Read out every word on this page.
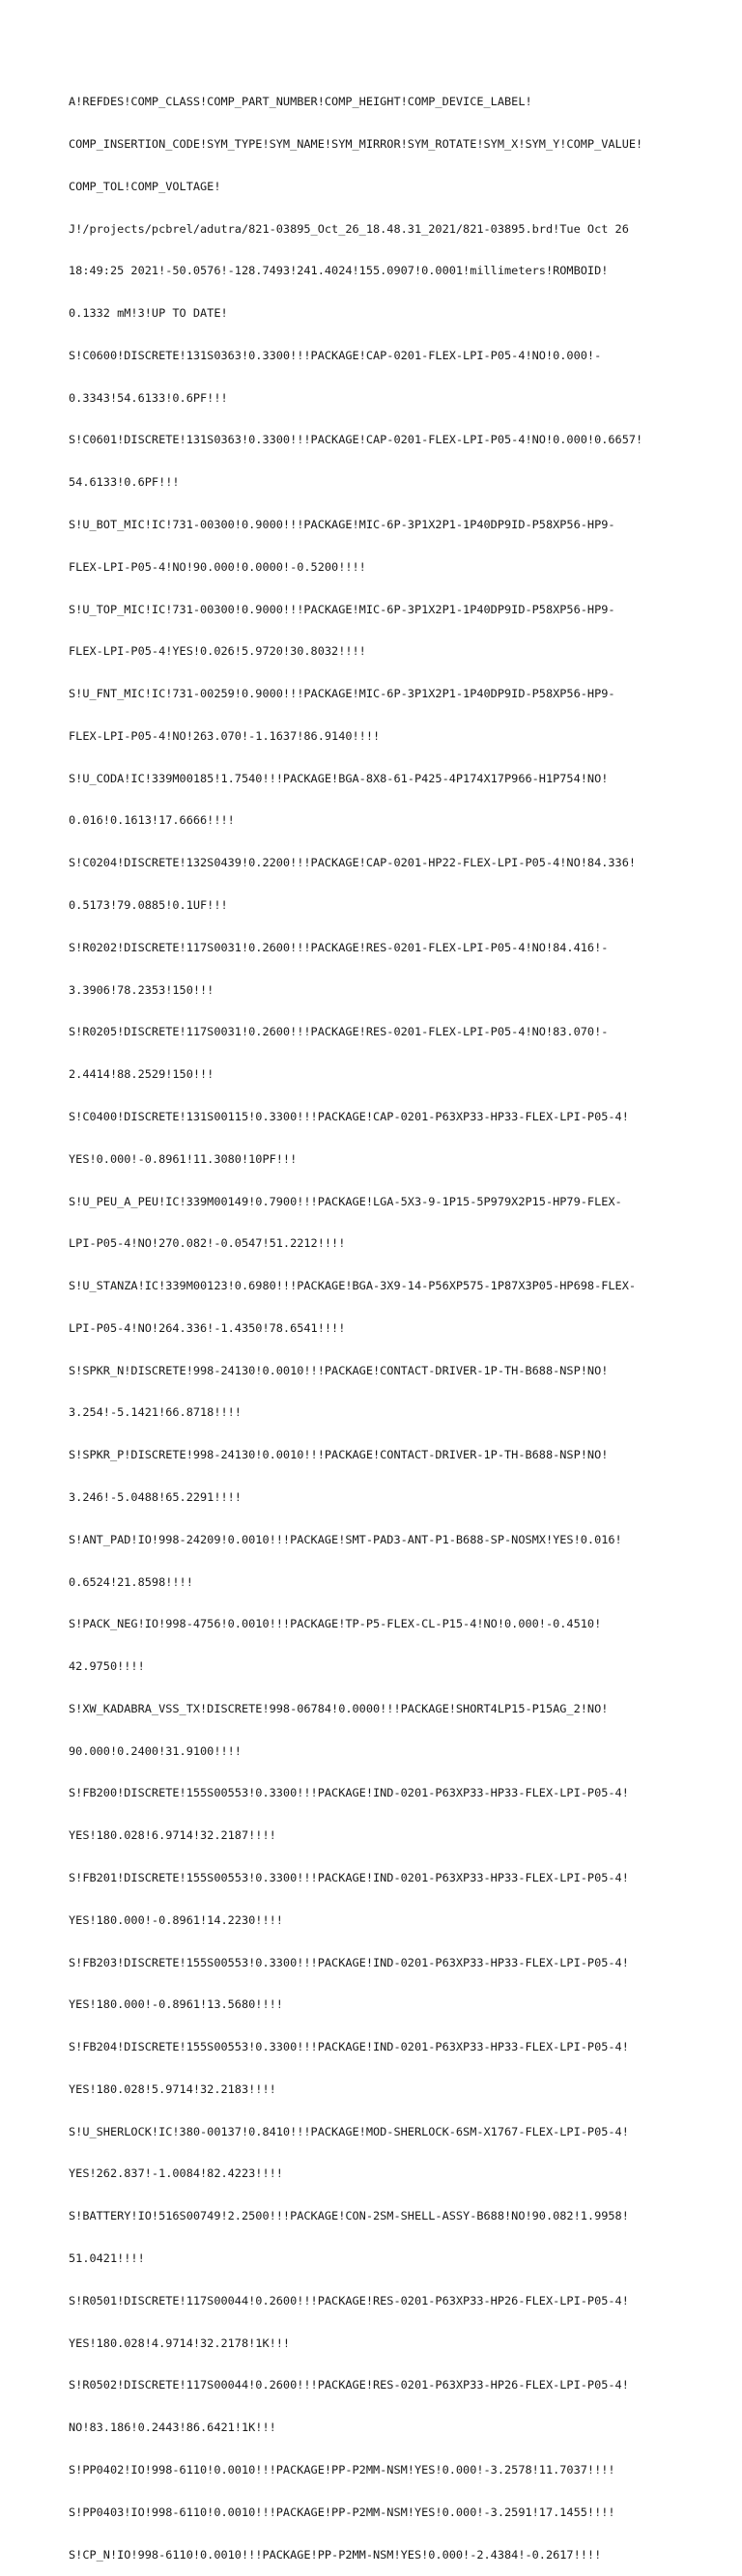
A!REFDES!COMP_CLASS!COMP_PART_NUMBER!COMP_HEIGHT!COMP_DEVICE_LABEL!

COMP_INSERTION_CODE!SYM_TYPE!SYM_NAME!SYM_MIRROR!SYM_ROTATE!SYM_X!SYM_Y!COMP_VALUE!

COMP_TOL!COMP_VOLTAGE!

J!/projects/pcbrel/adutra/821-03895_Oct_26_18.48.31_2021/821-03895.brd!Tue Oct 26

18:49:25 2021!-50.0576!-128.7493!241.4024!155.0907!0.0001!millimeters!ROMBOID!

0.1332 mM!3!UP TO DATE!

S!C0600!DISCRETE!131S0363!0.3300!!!PACKAGE!CAP-0201-FLEX-LPI-P05-4!NO!0.000!-

0.3343!54.6133!0.6PF!!!

S!C0601!DISCRETE!131S0363!0.3300!!!PACKAGE!CAP-0201-FLEX-LPI-P05-4!NO!0.000!0.6657!

54.6133!0.6PF!!!

S!U_BOT_MIC!IC!731-00300!0.9000!!!PACKAGE!MIC-6P-3P1X2P1-1P40DP9ID-P58XP56-HP9-

FLEX-LPI-P05-4!NO!90.000!0.0000!-0.5200!!!!

S!U_TOP_MIC!IC!731-00300!0.9000!!!PACKAGE!MIC-6P-3P1X2P1-1P40DP9ID-P58XP56-HP9-

FLEX-LPI-P05-4!YES!0.026!5.9720!30.8032!!!!

S!U_FNT_MIC!IC!731-00259!0.9000!!!PACKAGE!MIC-6P-3P1X2P1-1P40DP9ID-P58XP56-HP9-

FLEX-LPI-P05-4!NO!263.070!-1.1637!86.9140!!!!

S!U_CODA!IC!339M00185!1.7540!!!PACKAGE!BGA-8X8-61-P425-4P174X17P966-H1P754!NO!

0.016!0.1613!17.6666!!!!

S!C0204!DISCRETE!132S0439!0.2200!!!PACKAGE!CAP-0201-HP22-FLEX-LPI-P05-4!NO!84.336!

0.5173!79.0885!0.1UF!!!

S!R0202!DISCRETE!117S0031!0.2600!!!PACKAGE!RES-0201-FLEX-LPI-P05-4!NO!84.416!-

3.3906!78.2353!150!!!

S!R0205!DISCRETE!117S0031!0.2600!!!PACKAGE!RES-0201-FLEX-LPI-P05-4!NO!83.070!-

2.4414!88.2529!150!!!

S!C0400!DISCRETE!131S00115!0.3300!!!PACKAGE!CAP-0201-P63XP33-HP33-FLEX-LPI-P05-4!

YES!0.000!-0.8961!11.3080!10PF!!!

S!U_PEU_A_PEU!IC!339M00149!0.7900!!!PACKAGE!LGA-5X3-9-1P15-5P979X2P15-HP79-FLEX-

LPI-P05-4!NO!270.082!-0.0547!51.2212!!!!

S!U_STANZA!IC!339M00123!0.6980!!!PACKAGE!BGA-3X9-14-P56XP575-1P87X3P05-HP698-FLEX-

LPI-P05-4!NO!264.336!-1.4350!78.6541!!!!

S!SPKR_N!DISCRETE!998-24130!0.0010!!!PACKAGE!CONTACT-DRIVER-1P-TH-B688-NSP!NO!

3.254!-5.1421!66.8718!!!!

S!SPKR_P!DISCRETE!998-24130!0.0010!!!PACKAGE!CONTACT-DRIVER-1P-TH-B688-NSP!NO!

3.246!-5.0488!65.2291!!!!

S!ANT_PAD!IO!998-24209!0.0010!!!PACKAGE!SMT-PAD3-ANT-P1-B688-SP-NOSMX!YES!0.016!

0.6524!21.8598!!!!

S!PACK_NEG!IO!998-4756!0.0010!!!PACKAGE!TP-P5-FLEX-CL-P15-4!NO!0.000!-0.4510!

42.9750!!!!

S!XW_KADABRA_VSS_TX!DISCRETE!998-06784!0.0000!!!PACKAGE!SHORT4LP15-P15AG_2!NO!

90.000!0.2400!31.9100!!!!

S!FB200!DISCRETE!155S00553!0.3300!!!PACKAGE!IND-0201-P63XP33-HP33-FLEX-LPI-P05-4!

YES!180.028!6.9714!32.2187!!!!

S!FB201!DISCRETE!155S00553!0.3300!!!PACKAGE!IND-0201-P63XP33-HP33-FLEX-LPI-P05-4!

YES!180.000!-0.8961!14.2230!!!!

S!FB203!DISCRETE!155S00553!0.3300!!!PACKAGE!IND-0201-P63XP33-HP33-FLEX-LPI-P05-4!

YES!180.000!-0.8961!13.5680!!!!

S!FB204!DISCRETE!155S00553!0.3300!!!PACKAGE!IND-0201-P63XP33-HP33-FLEX-LPI-P05-4!

YES!180.028!5.9714!32.2183!!!!

S!U_SHERLOCK!IC!380-00137!0.8410!!!PACKAGE!MOD-SHERLOCK-6SM-X1767-FLEX-LPI-P05-4!

YES!262.837!-1.0084!82.4223!!!!

S!BATTERY!IO!516S00749!2.2500!!!PACKAGE!CON-2SM-SHELL-ASSY-B688!NO!90.082!1.9958!

51.0421!!!!

S!R0501!DISCRETE!117S00044!0.2600!!!PACKAGE!RES-0201-P63XP33-HP26-FLEX-LPI-P05-4!

YES!180.028!4.9714!32.2178!1K!!!

S!R0502!DISCRETE!117S00044!0.2600!!!PACKAGE!RES-0201-P63XP33-HP26-FLEX-LPI-P05-4!

NO!83.186!0.2443!86.6421!1K!!!

S!PP0402!IO!998-6110!0.0010!!!PACKAGE!PP-P2MM-NSM!YES!0.000!-3.2578!11.7037!!!!

S!PP0403!IO!998-6110!0.0010!!!PACKAGE!PP-P2MM-NSM!YES!0.000!-3.2591!17.1455!!!!

S!CP_N!IO!998-6110!0.0010!!!PACKAGE!PP-P2MM-NSM!YES!0.000!-2.4384!-0.2617!!!!
